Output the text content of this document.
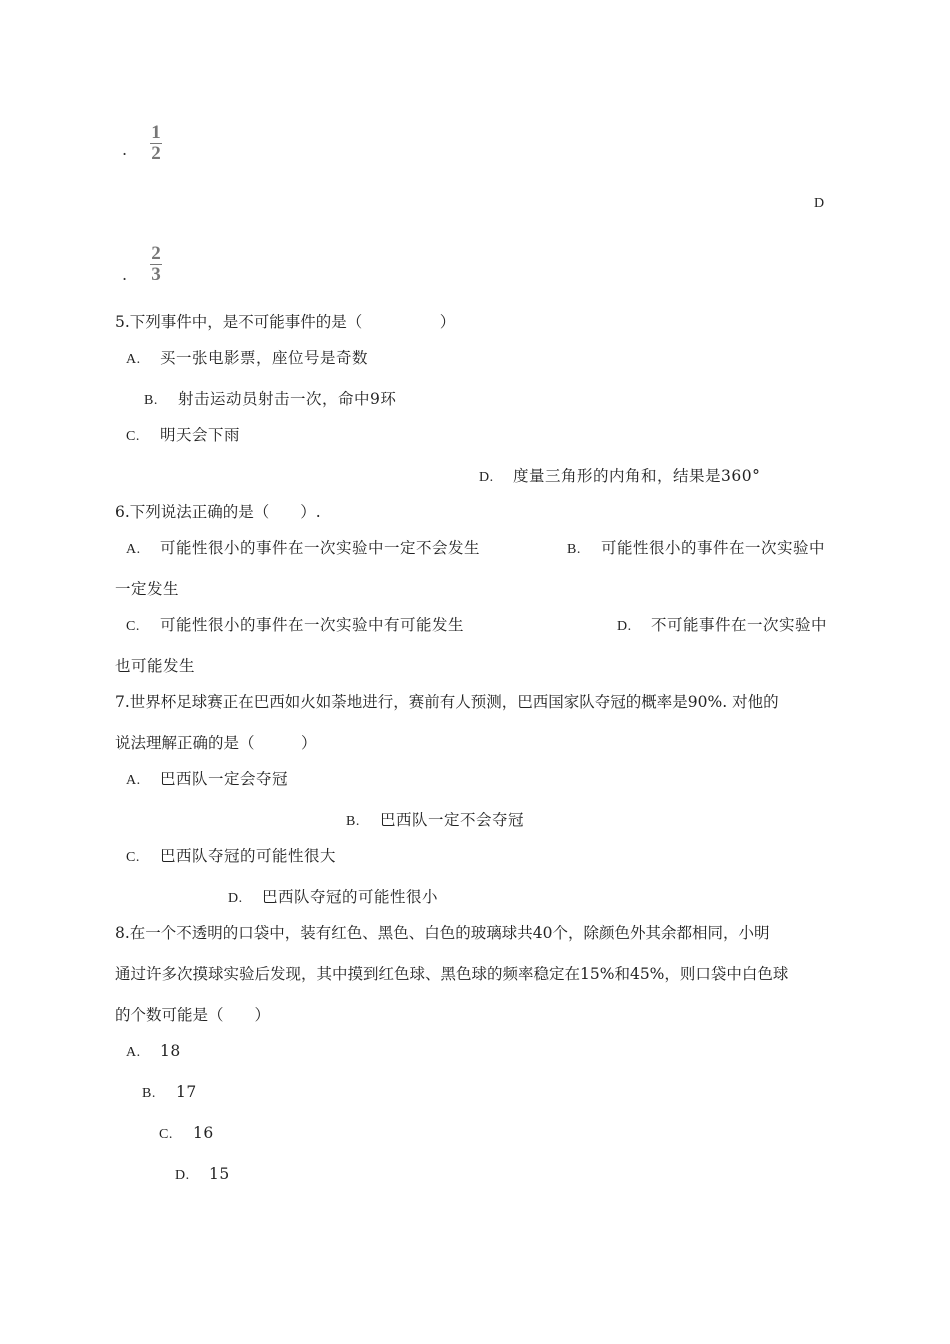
.
1
2
D
.
2
3
5.下列事件中，是不可能事件的是（　　　　　）
A. 买一张电影票，座位号是奇数
B. 射击运动员射击一次，命中9环
C. 明天会下雨
D. 度量三角形的内角和，结果是360°
6.下列说法正确的是（　　）.
A. 可能性很小的事件在一次实验中一定不会发生	B. 可能性很小的事件在一次实验中
一定发生
C. 可能性很小的事件在一次实验中有可能发生	D. 不可能事件在一次实验中
也可能发生
7.世界杯足球赛正在巴西如火如荼地进行，赛前有人预测，巴西国家队夺冠的概率是90%. 对他的
说法理解正确的是（　　　）
A. 巴西队一定会夺冠
B. 巴西队一定不会夺冠
C. 巴西队夺冠的可能性很大
D. 巴西队夺冠的可能性很小
8.在一个不透明的口袋中，装有红色、黑色、白色的玻璃球共40个，除颜色外其余都相同，小明
通过许多次摸球实验后发现，其中摸到红色球、黑色球的频率稳定在15%和45%，则口袋中白色球
的个数可能是（　　）
A. 18
B. 17
C. 16
D. 15
